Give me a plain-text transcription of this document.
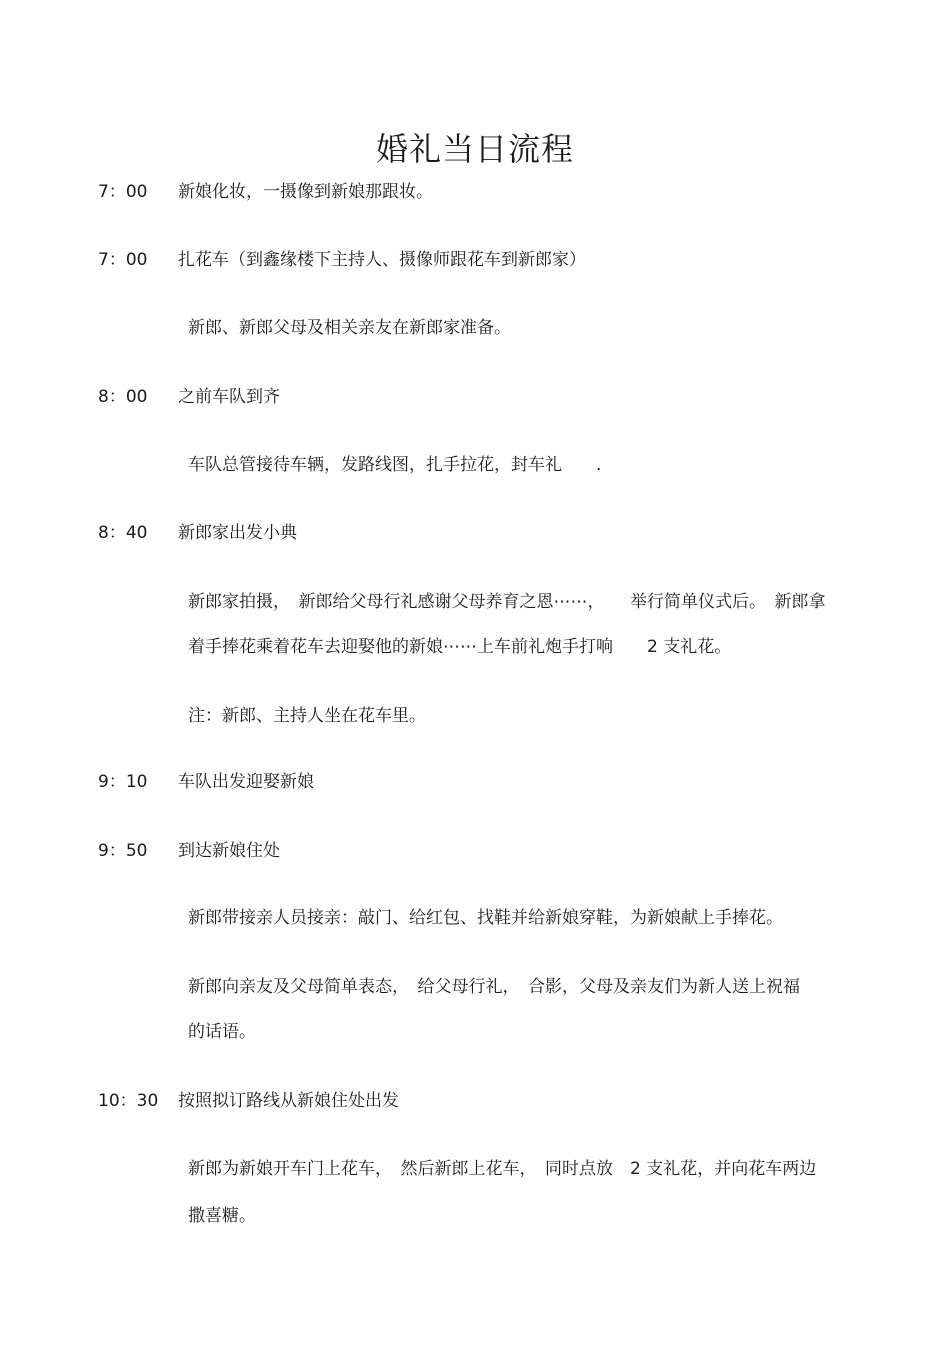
婚礼当日流程
7：00 新娘化妆，一摄像到新娘那跟妆。
7：00 扎花车（到鑫缘楼下主持人、摄像师跟花车到新郎家）
新郎、新郎父母及相关亲友在新郎家准备。
8：00 之前车队到齐
车队总管接待车辆，发路线图，扎手拉花，封车礼　　.
8：40 新郎家出发小典
新郎家拍摄，　新郎给父母行礼感谢父母养育之恩⋯⋯，　　举行简单仪式后。　新郎拿
着手捧花乘着花车去迎娶他的新娘⋯⋯上车前礼炮手打响　　2 支礼花。
注：新郎、主持人坐在花车里。
9：10 车队出发迎娶新娘
9：50 到达新娘住处
新郎带接亲人员接亲：敲门、给红包、找鞋并给新娘穿鞋，为新娘献上手捧花。
新郎向亲友及父母简单表态，　给父母行礼，　合影，父母及亲友们为新人送上祝福
的话语。
10：30 按照拟订路线从新娘住处出发
新郎为新娘开车门上花车，　然后新郎上花车，　同时点放　2 支礼花，并向花车两边
撒喜糖。
